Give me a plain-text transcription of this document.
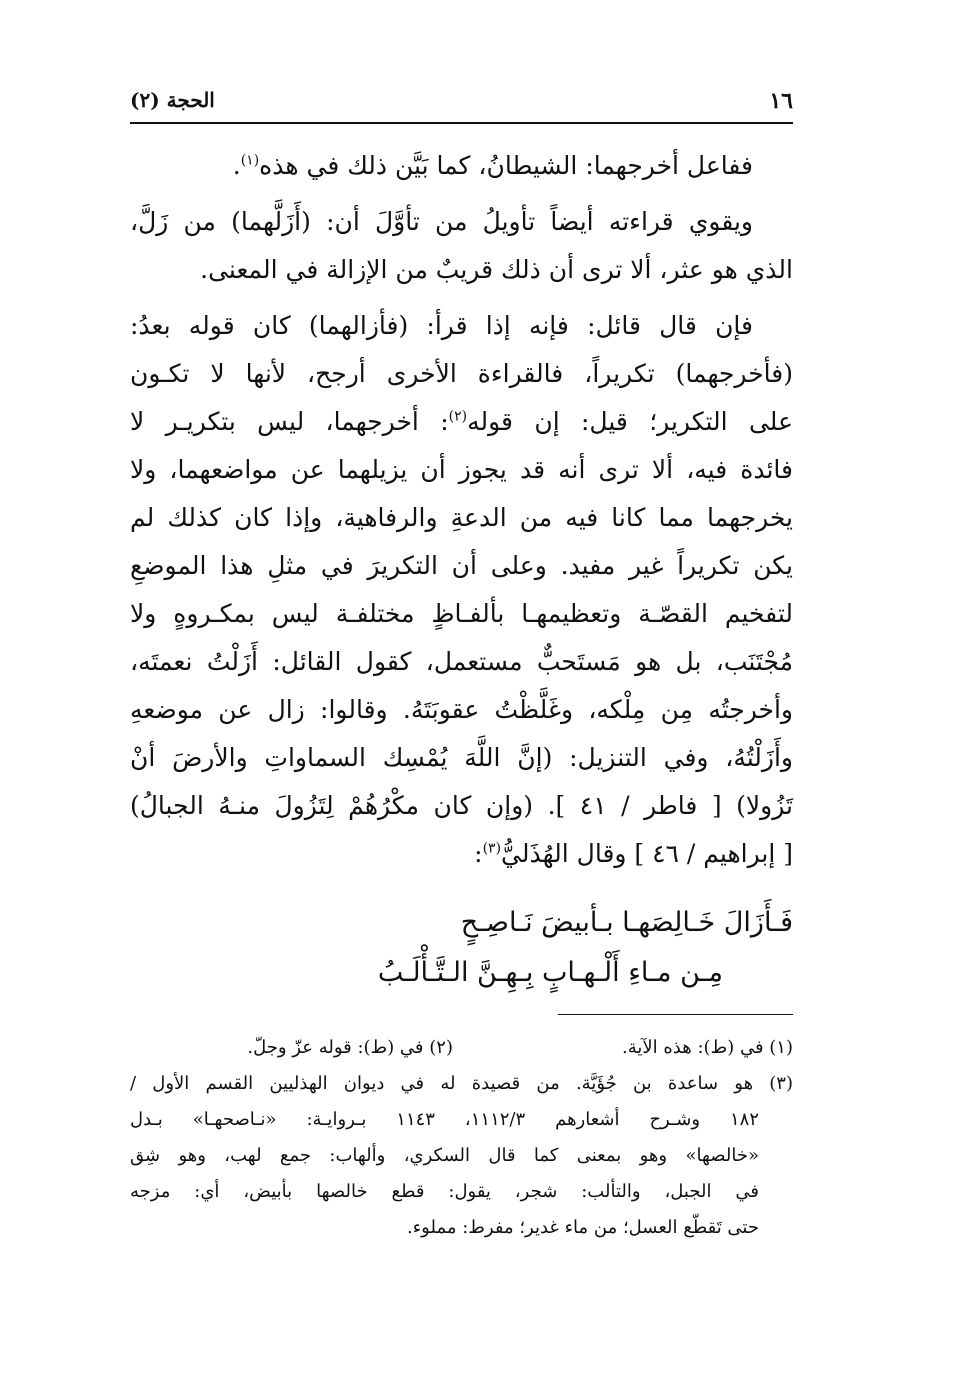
١٦
الحجة (٢)
ففاعل أخرجهما: الشيطانُ، كما بَيَّن ذلك في هذه$^{(١)}$.
ويقوي قراءته أيضاً تأويلُ من تأوَّلَ أن: (أَزَلَّهما) من زَلَّ،
الذي هو عثر، ألا ترى أن ذلك قريبٌ من الإزالة في المعنى.
فإن قال قائل: فإنه إذا قرأ: (فأزالهما) كان قوله بعدُ:
(فأخرجهما) تكريراً، فالقراءة الأخرى أرجح، لأنها لا تكـون
على التكرير؛ قيل: إن قوله$^{(٢)}$: أخرجهما، ليس بتكريـر لا
فائدة فيه، ألا ترى أنه قد يجوز أن يزيلهما عن مواضعهما، ولا
يخرجهما مما كانا فيه من الدعةِ والرفاهية، وإذا كان كذلك لم
يكن تكريراً غير مفيد. وعلى أن التكريرَ في مثلِ هذا الموضعِ
لتفخيم القصّـة وتعظيمهـا بألفـاظٍ مختلفـة ليس بمكـروهٍ ولا
مُجْتَنَب، بل هو مَستَحبٌّ مستعمل، كقول القائل: أَزَلْتُ نعمتَه،
وأخرجتُه مِن مِلْكه، وغَلَّظْتُ عقوبَتَهُ. وقالوا: زال عن موضعهِ
وأَزَلْتُهُ، وفي التنزيل: (إنَّ اللَّهَ يُمْسِك السماواتِ والأرضَ أنْ
تَزُولا) [ فاطر / ٤١ ]. (وإن كان مكْرُهُمْ لِتَزُولَ منـهُ الجبالُ)
[ إبراهيم / ٤٦ ] وقال الهُذَليُّ$^{(٣)}$:
فَـأَزَالَ خَـالِصَهـا بـأبيضَ نَـاصِـحٍ
مِـن مـاءِ أَلْـهـابٍ بِـهِـنَّ الـتَّـأْلَـبُ
(١) في (ط): هذه الآية.
(٢) في (ط): قوله عزّ وجلّ.
(٣) هو ساعدة بن جُؤَيَّة. من قصيدة له في ديوان الهذليين القسم الأول /
١٨٢ وشـرح أشعارهم ١١١٢/٣، ١١٤٣ بـروايـة: «نـاصحهـا» بـدل
«خالصها» وهو بمعنى كما قال السكري، وألهاب: جمع لهب، وهو شِق
في الجبل، والتألب: شجر، يقول: قطع خالصها بأبيض، أي: مزجه
حتى تَقطّع العسل؛ من ماء غدير؛ مفرط: مملوء.
